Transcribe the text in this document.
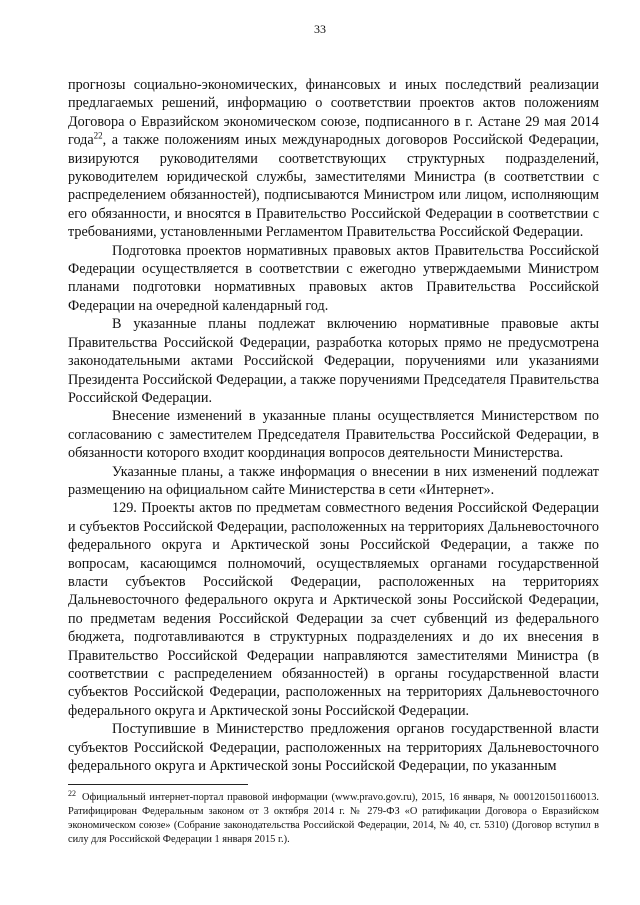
33

прогнозы социально-экономических, финансовых и иных последствий реализации предлагаемых решений, информацию о соответствии проектов актов положениям Договора о Евразийском экономическом союзе, подписанного в г. Астане 29 мая 2014 года$^{22}$, а также положениям иных международных договоров Российской Федерации, визируются руководителями соответствующих структурных подразделений, руководителем юридической службы, заместителями Министра (в соответствии с распределением обязанностей), подписываются Министром или лицом, исполняющим его обязанности, и вносятся в Правительство Российской Федерации в соответствии с требованиями, установленными Регламентом Правительства Российской Федерации.

Подготовка проектов нормативных правовых актов Правительства Российской Федерации осуществляется в соответствии с ежегодно утверждаемыми Министром планами подготовки нормативных правовых актов Правительства Российской Федерации на очередной календарный год.

В указанные планы подлежат включению нормативные правовые акты Правительства Российской Федерации, разработка которых прямо не предусмотрена законодательными актами Российской Федерации, поручениями или указаниями Президента Российской Федерации, а также поручениями Председателя Правительства Российской Федерации.

Внесение изменений в указанные планы осуществляется Министерством по согласованию с заместителем Председателя Правительства Российской Федерации, в обязанности которого входит координация вопросов деятельности Министерства.

Указанные планы, а также информация о внесении в них изменений подлежат размещению на официальном сайте Министерства в сети «Интернет».

129. Проекты актов по предметам совместного ведения Российской Федерации и субъектов Российской Федерации, расположенных на территориях Дальневосточного федерального округа и Арктической зоны Российской Федерации, а также по вопросам, касающимся полномочий, осуществляемых органами государственной власти субъектов Российской Федерации, расположенных на территориях Дальневосточного федерального округа и Арктической зоны Российской Федерации, по предметам ведения Российской Федерации за счет субвенций из федерального бюджета, подготавливаются в структурных подразделениях и до их внесения в Правительство Российской Федерации направляются заместителями Министра (в соответствии с распределением обязанностей) в органы государственной власти субъектов Российской Федерации, расположенных на территориях Дальневосточного федерального округа и Арктической зоны Российской Федерации.

Поступившие в Министерство предложения органов государственной власти субъектов Российской Федерации, расположенных на территориях Дальневосточного федерального округа и Арктической зоны Российской Федерации, по указанным

$^{22}$ Официальный интернет-портал правовой информации (www.pravo.gov.ru), 2015, 16 января, № 0001201501160013. Ратифицирован Федеральным законом от 3 октября 2014 г. № 279-ФЗ «О ратификации Договора о Евразийском экономическом союзе» (Собрание законодательства Российской Федерации, 2014, № 40, ст. 5310) (Договор вступил в силу для Российской Федерации 1 января 2015 г.).
